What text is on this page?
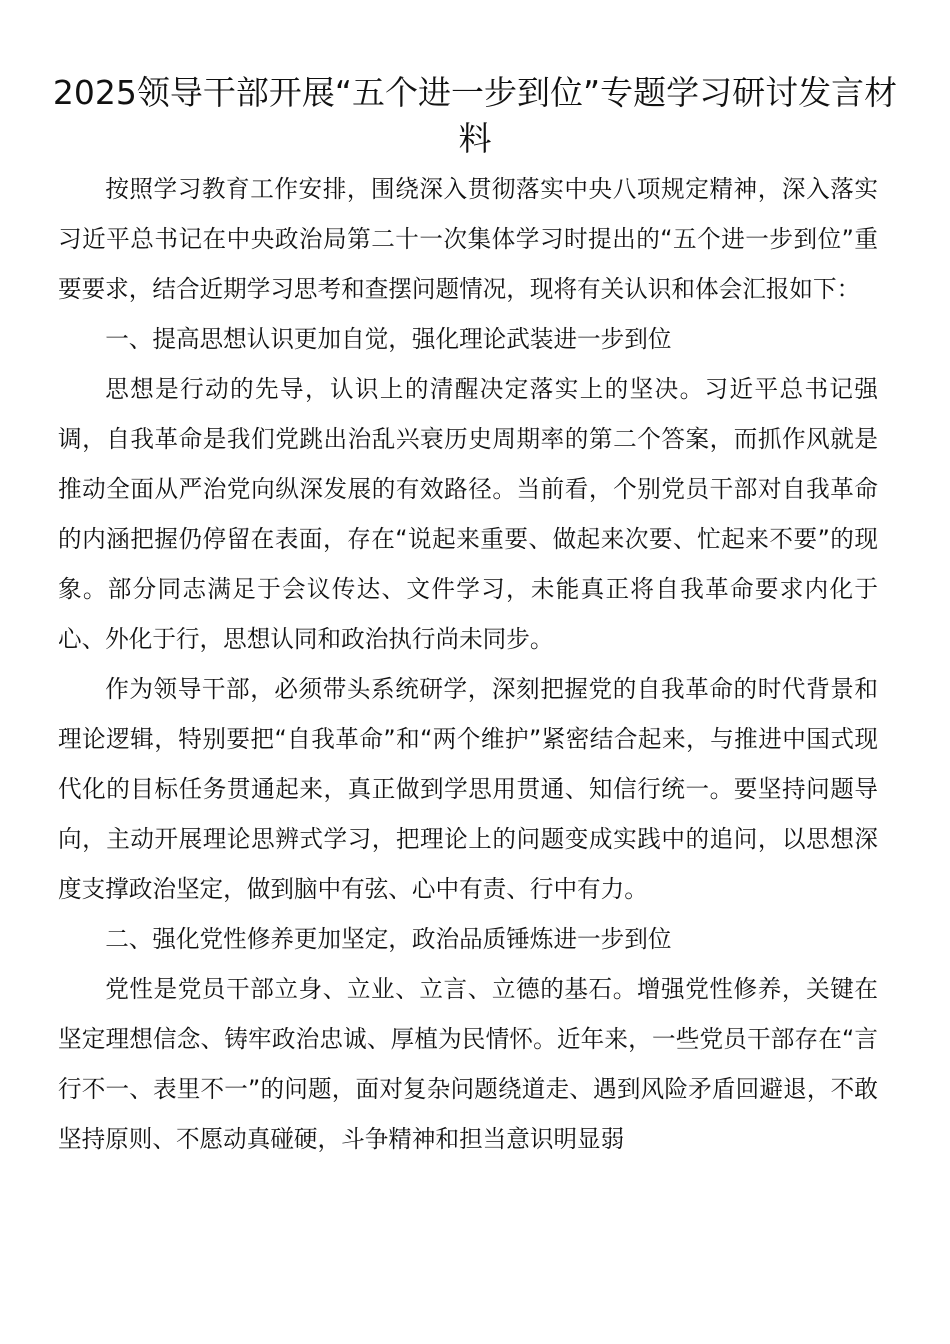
2025领导干部开展“五个进一步到位”专题学习研讨发言材料

按照学习教育工作安排，围绕深入贯彻落实中央八项规定精神，深入落实习近平总书记在中央政治局第二十一次集体学习时提出的“五个进一步到位”重要要求，结合近期学习思考和查摆问题情况，现将有关认识和体会汇报如下：

一、提高思想认识更加自觉，强化理论武装进一步到位

思想是行动的先导，认识上的清醒决定落实上的坚决。习近平总书记强调，自我革命是我们党跳出治乱兴衰历史周期率的第二个答案，而抓作风就是推动全面从严治党向纵深发展的有效路径。当前看，个别党员干部对自我革命的内涵把握仍停留在表面，存在“说起来重要、做起来次要、忙起来不要”的现象。部分同志满足于会议传达、文件学习，未能真正将自我革命要求内化于心、外化于行，思想认同和政治执行尚未同步。

作为领导干部，必须带头系统研学，深刻把握党的自我革命的时代背景和理论逻辑，特别要把“自我革命”和“两个维护”紧密结合起来，与推进中国式现代化的目标任务贯通起来，真正做到学思用贯通、知信行统一。要坚持问题导向，主动开展理论思辨式学习，把理论上的问题变成实践中的追问，以思想深度支撑政治坚定，做到脑中有弦、心中有责、行中有力。

二、强化党性修养更加坚定，政治品质锤炼进一步到位

党性是党员干部立身、立业、立言、立德的基石。增强党性修养，关键在坚定理想信念、铸牢政治忠诚、厚植为民情怀。近年来，一些党员干部存在“言行不一、表里不一”的问题，面对复杂问题绕道走、遇到风险矛盾回避退，不敢坚持原则、不愿动真碰硬，斗争精神和担当意识明显弱
